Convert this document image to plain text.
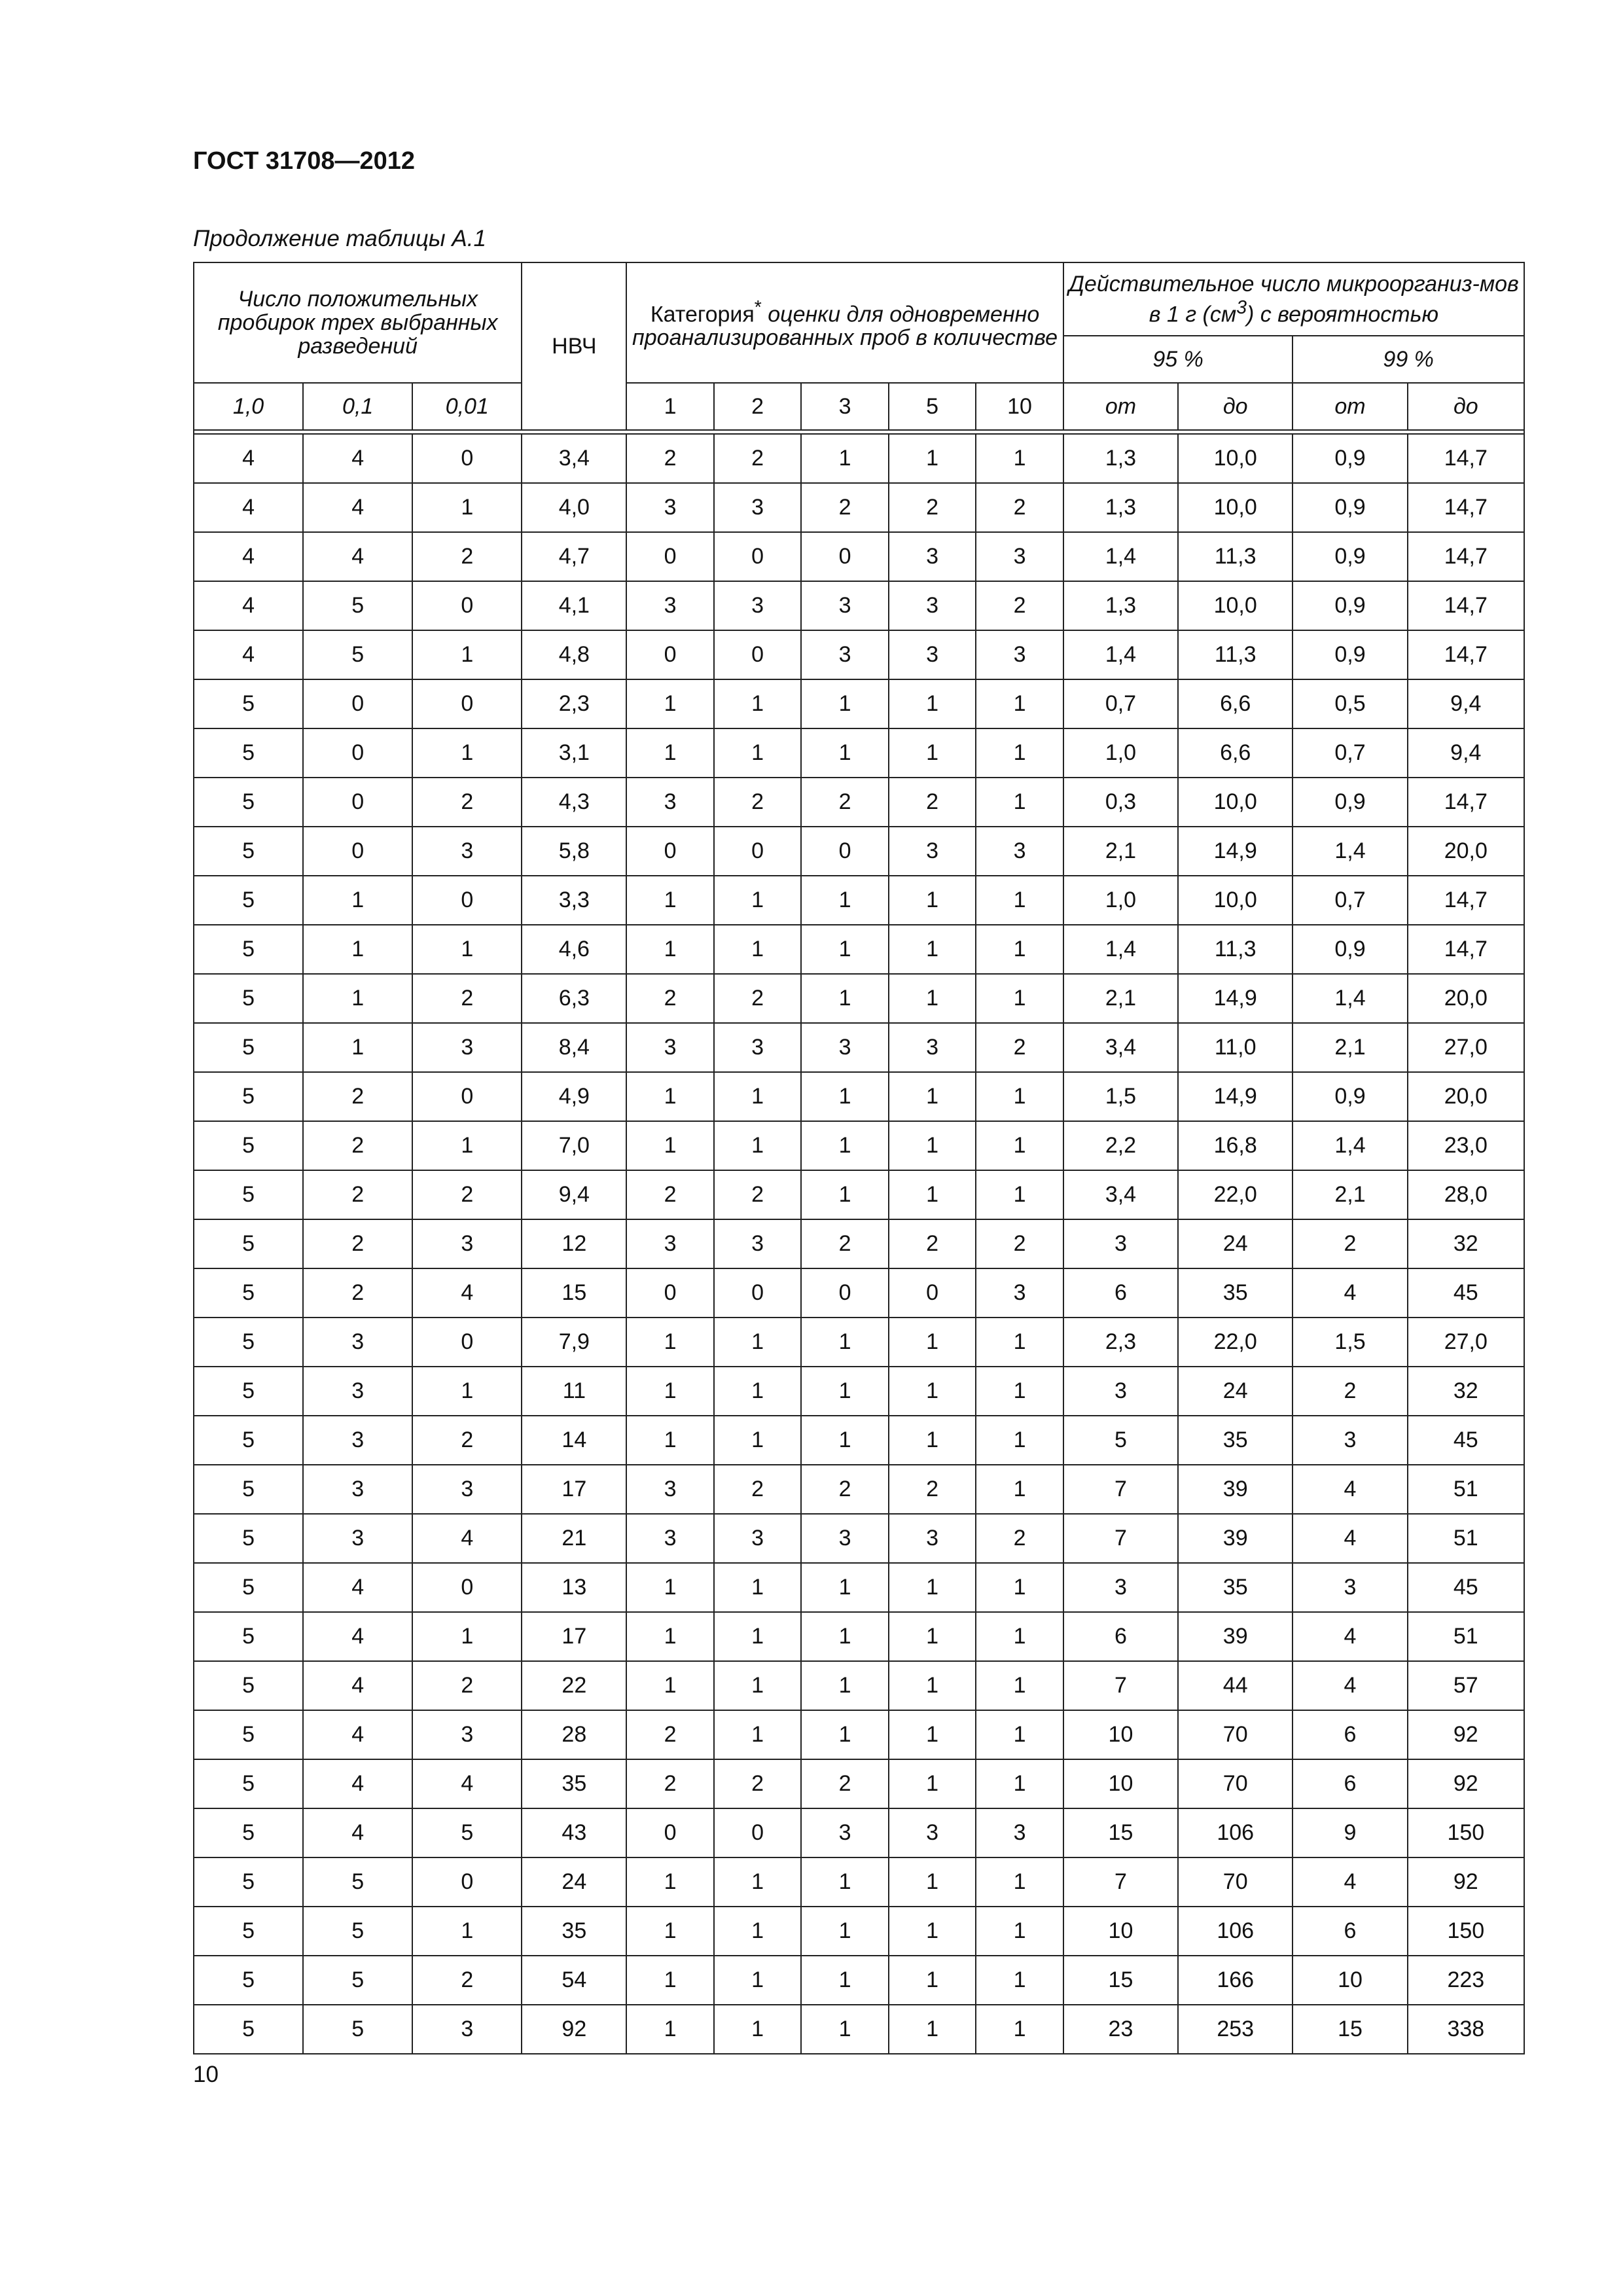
ГОСТ 31708—2012

Продолжение таблицы А.1

Число положительных пробирок трех выбранных разведений			НВЧ	Категория* оценки для одновременно проанализированных проб в количестве					Действительное число микроорганиз-мов в 1 г $(см^3)$ с вероятностью			
									95 %		99 %	
1,0	0,1	0,01		1	2	3	5	10	от	до	от	до

4	4	0	3,4	2	2	1	1	1	1,3	10,0	0,9	14,7
4	4	1	4,0	3	3	2	2	2	1,3	10,0	0,9	14,7
4	4	2	4,7	0	0	0	3	3	1,4	11,3	0,9	14,7
4	5	0	4,1	3	3	3	3	2	1,3	10,0	0,9	14,7
4	5	1	4,8	0	0	3	3	3	1,4	11,3	0,9	14,7
5	0	0	2,3	1	1	1	1	1	0,7	6,6	0,5	9,4
5	0	1	3,1	1	1	1	1	1	1,0	6,6	0,7	9,4
5	0	2	4,3	3	2	2	2	1	0,3	10,0	0,9	14,7
5	0	3	5,8	0	0	0	3	3	2,1	14,9	1,4	20,0
5	1	0	3,3	1	1	1	1	1	1,0	10,0	0,7	14,7
5	1	1	4,6	1	1	1	1	1	1,4	11,3	0,9	14,7
5	1	2	6,3	2	2	1	1	1	2,1	14,9	1,4	20,0
5	1	3	8,4	3	3	3	3	2	3,4	11,0	2,1	27,0
5	2	0	4,9	1	1	1	1	1	1,5	14,9	0,9	20,0
5	2	1	7,0	1	1	1	1	1	2,2	16,8	1,4	23,0
5	2	2	9,4	2	2	1	1	1	3,4	22,0	2,1	28,0
5	2	3	12	3	3	2	2	2	3	24	2	32
5	2	4	15	0	0	0	0	3	6	35	4	45
5	3	0	7,9	1	1	1	1	1	2,3	22,0	1,5	27,0
5	3	1	11	1	1	1	1	1	3	24	2	32
5	3	2	14	1	1	1	1	1	5	35	3	45
5	3	3	17	3	2	2	2	1	7	39	4	51
5	3	4	21	3	3	3	3	2	7	39	4	51
5	4	0	13	1	1	1	1	1	3	35	3	45
5	4	1	17	1	1	1	1	1	6	39	4	51
5	4	2	22	1	1	1	1	1	7	44	4	57
5	4	3	28	2	1	1	1	1	10	70	6	92
5	4	4	35	2	2	2	1	1	10	70	6	92
5	4	5	43	0	0	3	3	3	15	106	9	150
5	5	0	24	1	1	1	1	1	7	70	4	92
5	5	1	35	1	1	1	1	1	10	106	6	150
5	5	2	54	1	1	1	1	1	15	166	10	223
5	5	3	92	1	1	1	1	1	23	253	15	338

10
